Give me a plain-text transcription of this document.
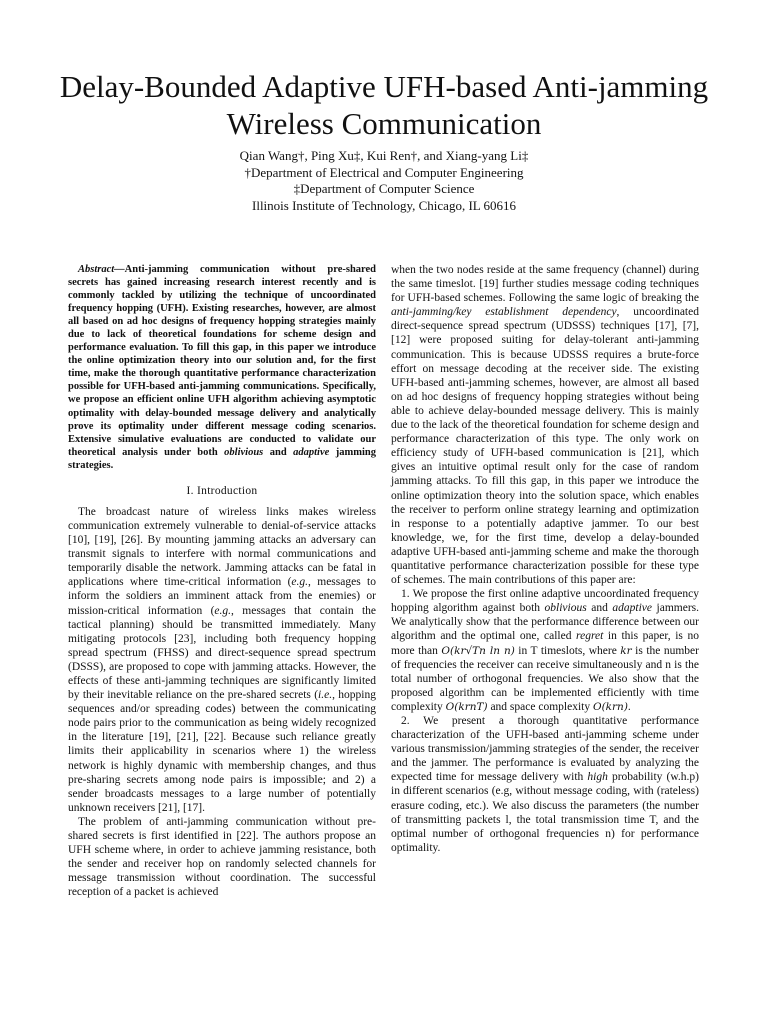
Delay-Bounded Adaptive UFH-based Anti-jamming
Wireless Communication
Qian Wang†, Ping Xu‡, Kui Ren†, and Xiang-yang Li‡
†Department of Electrical and Computer Engineering
‡Department of Computer Science
Illinois Institute of Technology, Chicago, IL 60616

Abstract—Anti-jamming communication without pre-shared secrets has gained increasing research interest recently and is commonly tackled by utilizing the technique of uncoordinated frequency hopping (UFH). Existing researches, however, are almost all based on ad hoc designs of frequency hopping strategies mainly due to lack of theoretical foundations for scheme design and performance evaluation. To fill this gap, in this paper we introduce the online optimization theory into our solution and, for the first time, make the thorough quantitative performance characterization possible for UFH-based anti-jamming communications. Specifically, we propose an efficient online UFH algorithm achieving asymptotic optimality with delay-bounded message delivery and analytically prove its optimality under different message coding scenarios. Extensive simulative evaluations are conducted to validate our theoretical analysis under both oblivious and adaptive jamming strategies.

I. Introduction

The broadcast nature of wireless links makes wireless communication extremely vulnerable to denial-of-service attacks [10], [19], [26]. By mounting jamming attacks an adversary can transmit signals to interfere with normal communications and temporarily disable the network. Jamming attacks can be fatal in applications where time-critical information (e.g., messages to inform the soldiers an imminent attack from the enemies) or mission-critical information (e.g., messages that contain the tactical planning) should be transmitted immediately. Many mitigating protocols [23], including both frequency hopping spread spectrum (FHSS) and direct-sequence spread spectrum (DSSS), are proposed to cope with jamming attacks. However, the effects of these anti-jamming techniques are significantly limited by their inevitable reliance on the pre-shared secrets (i.e., hopping sequences and/or spreading codes) between the communicating node pairs prior to the communication as being widely recognized in the literature [19], [21], [22]. Because such reliance greatly limits their applicability in scenarios where 1) the wireless network is highly dynamic with membership changes, and thus pre-sharing secrets among node pairs is impossible; and 2) a sender broadcasts messages to a large number of potentially unknown receivers [21], [17].

The problem of anti-jamming communication without pre-shared secrets is first identified in [22]. The authors propose an UFH scheme where, in order to achieve jamming resistance, both the sender and receiver hop on randomly selected channels for message transmission without coordination. The successful reception of a packet is achieved

when the two nodes reside at the same frequency (channel) during the same timeslot. [19] further studies message coding techniques for UFH-based schemes. Following the same logic of breaking the anti-jamming/key establishment dependency, uncoordinated direct-sequence spread spectrum (UDSSS) techniques [17], [7], [12] were proposed suiting for delay-tolerant anti-jamming communication. This is because UDSSS requires a brute-force effort on message decoding at the receiver side. The existing UFH-based anti-jamming schemes, however, are almost all based on ad hoc designs of frequency hopping strategies without being able to achieve delay-bounded message delivery. This is mainly due to the lack of the theoretical foundation for scheme design and performance characterization of this type. The only work on efficiency study of UFH-based communication is [21], which gives an intuitive optimal result only for the case of random jamming attacks. To fill this gap, in this paper we introduce the online optimization theory into the solution space, which enables the receiver to perform online strategy learning and optimization in response to a potentially adaptive jammer. To our best knowledge, we, for the first time, develop a delay-bounded adaptive UFH-based anti-jamming scheme and make the thorough quantitative performance characterization possible for these type of schemes. The main contributions of this paper are:

1. We propose the first online adaptive uncoordinated frequency hopping algorithm against both oblivious and adaptive jammers. We analytically show that the performance difference between our algorithm and the optimal one, called regret in this paper, is no more than O(kr√Tn ln n) in T timeslots, where kr is the number of frequencies the receiver can receive simultaneously and n is the total number of orthogonal frequencies. We also show that the proposed algorithm can be implemented efficiently with time complexity O(krnT) and space complexity O(krn).

2. We present a thorough quantitative performance characterization of the UFH-based anti-jamming scheme under various transmission/jamming strategies of the sender, the receiver and the jammer. The performance is evaluated by analyzing the expected time for message delivery with high probability (w.h.p) in different scenarios (e.g, without message coding, with (rateless) erasure coding, etc.). We also discuss the parameters (the number of transmitting packets l, the total transmission time T, and the optimal number of orthogonal frequencies n) for performance optimality.
